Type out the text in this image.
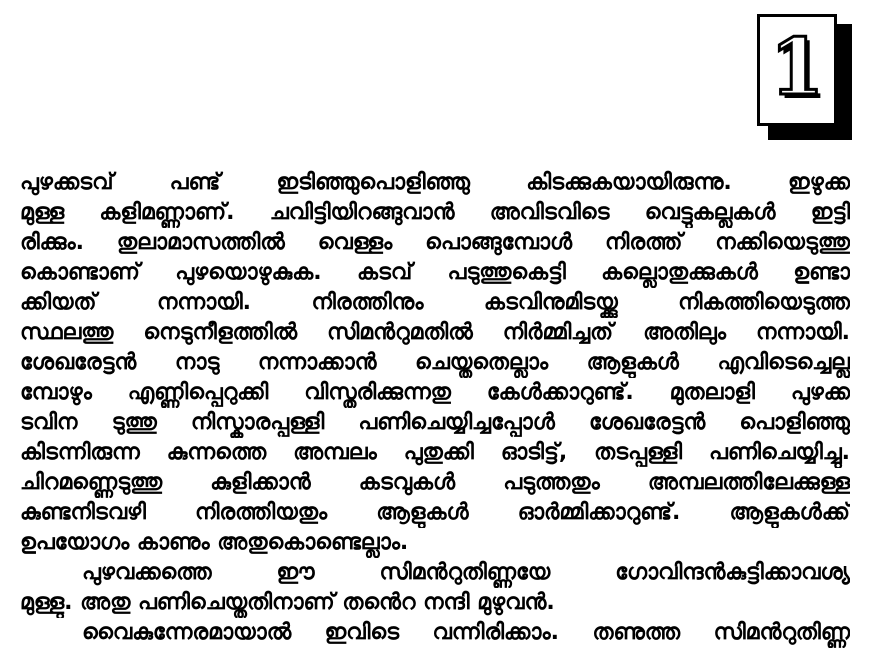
1
പുഴക്കടവ് പണ്ട് ഇടിഞ്ഞുപൊളിഞ്ഞു കിടക്കുകയായിരുന്നു. ഇഴുക്ക
മുള്ള കളിമണ്ണാണ്. ചവിട്ടിയിറങ്ങുവാൻ അവിടവിടെ വെട്ടുകല്ലുകൾ ഇട്ടി
രിക്കും. തുലാമാസത്തിൽ വെള്ളം പൊങ്ങുമ്പോൾ നിരത്ത് നക്കിയെടുത്തു
കൊണ്ടാണ് പുഴയൊഴുകുക. കടവ് പടുത്തുകെട്ടി കല്ലൊതുക്കുകൾ ഉണ്ടാ
ക്കിയത് നന്നായി. നിരത്തിനും കടവിനുമിടയ്ക്കു നികത്തിയെടുത്ത
സ്ഥലത്തു നെടുനീളത്തിൽ സിമൻറുമതിൽ നിർമ്മിച്ചത് അതിലും നന്നായി.
ശേഖരേട്ടൻ നാടു നന്നാക്കാൻ ചെയ്തതെല്ലാം ആളുകൾ എവിടെച്ചെല്ലു
മ്പോഴും എണ്ണിപ്പെറുക്കി വിസ്തരിക്കുന്നതു കേൾക്കാറുണ്ട്. മുതലാളി പുഴക്ക
ടവിന ടുത്തു നിസ്കാരപ്പള്ളി പണിചെയ്യിച്ചപ്പോൾ ശേഖരേട്ടൻ പൊളിഞ്ഞു
കിടന്നിരുന്ന കുന്നത്തെ അമ്പലം പുതുക്കി ഓടിട്ട്, തടപ്പള്ളി പണിചെയ്യിച്ചു.
ചിറമണ്ണെടുത്തു കുളിക്കാൻ കടവുകൾ പടുത്തതും അമ്പലത്തിലേക്കുള്ള
കുണ്ടനിടവഴി നിരത്തിയതും ആളുകൾ ഓർമ്മിക്കാറുണ്ട്. ആളുകൾക്ക്
ഉപയോഗം കാണും അതുകൊണ്ടെല്ലാം.
പുഴവക്കത്തെ ഈ സിമൻറുതിണ്ണയേ ഗോവിന്ദൻകുട്ടിക്കാവശ്യ
മുള്ളു. അതു പണിചെയ്തതിനാണ് തൻെറ നന്ദി മുഴുവൻ.
വൈകുന്നേരമായാൽ ഇവിടെ വന്നിരിക്കാം. തണുത്ത സിമൻറുതിണ്ണ
